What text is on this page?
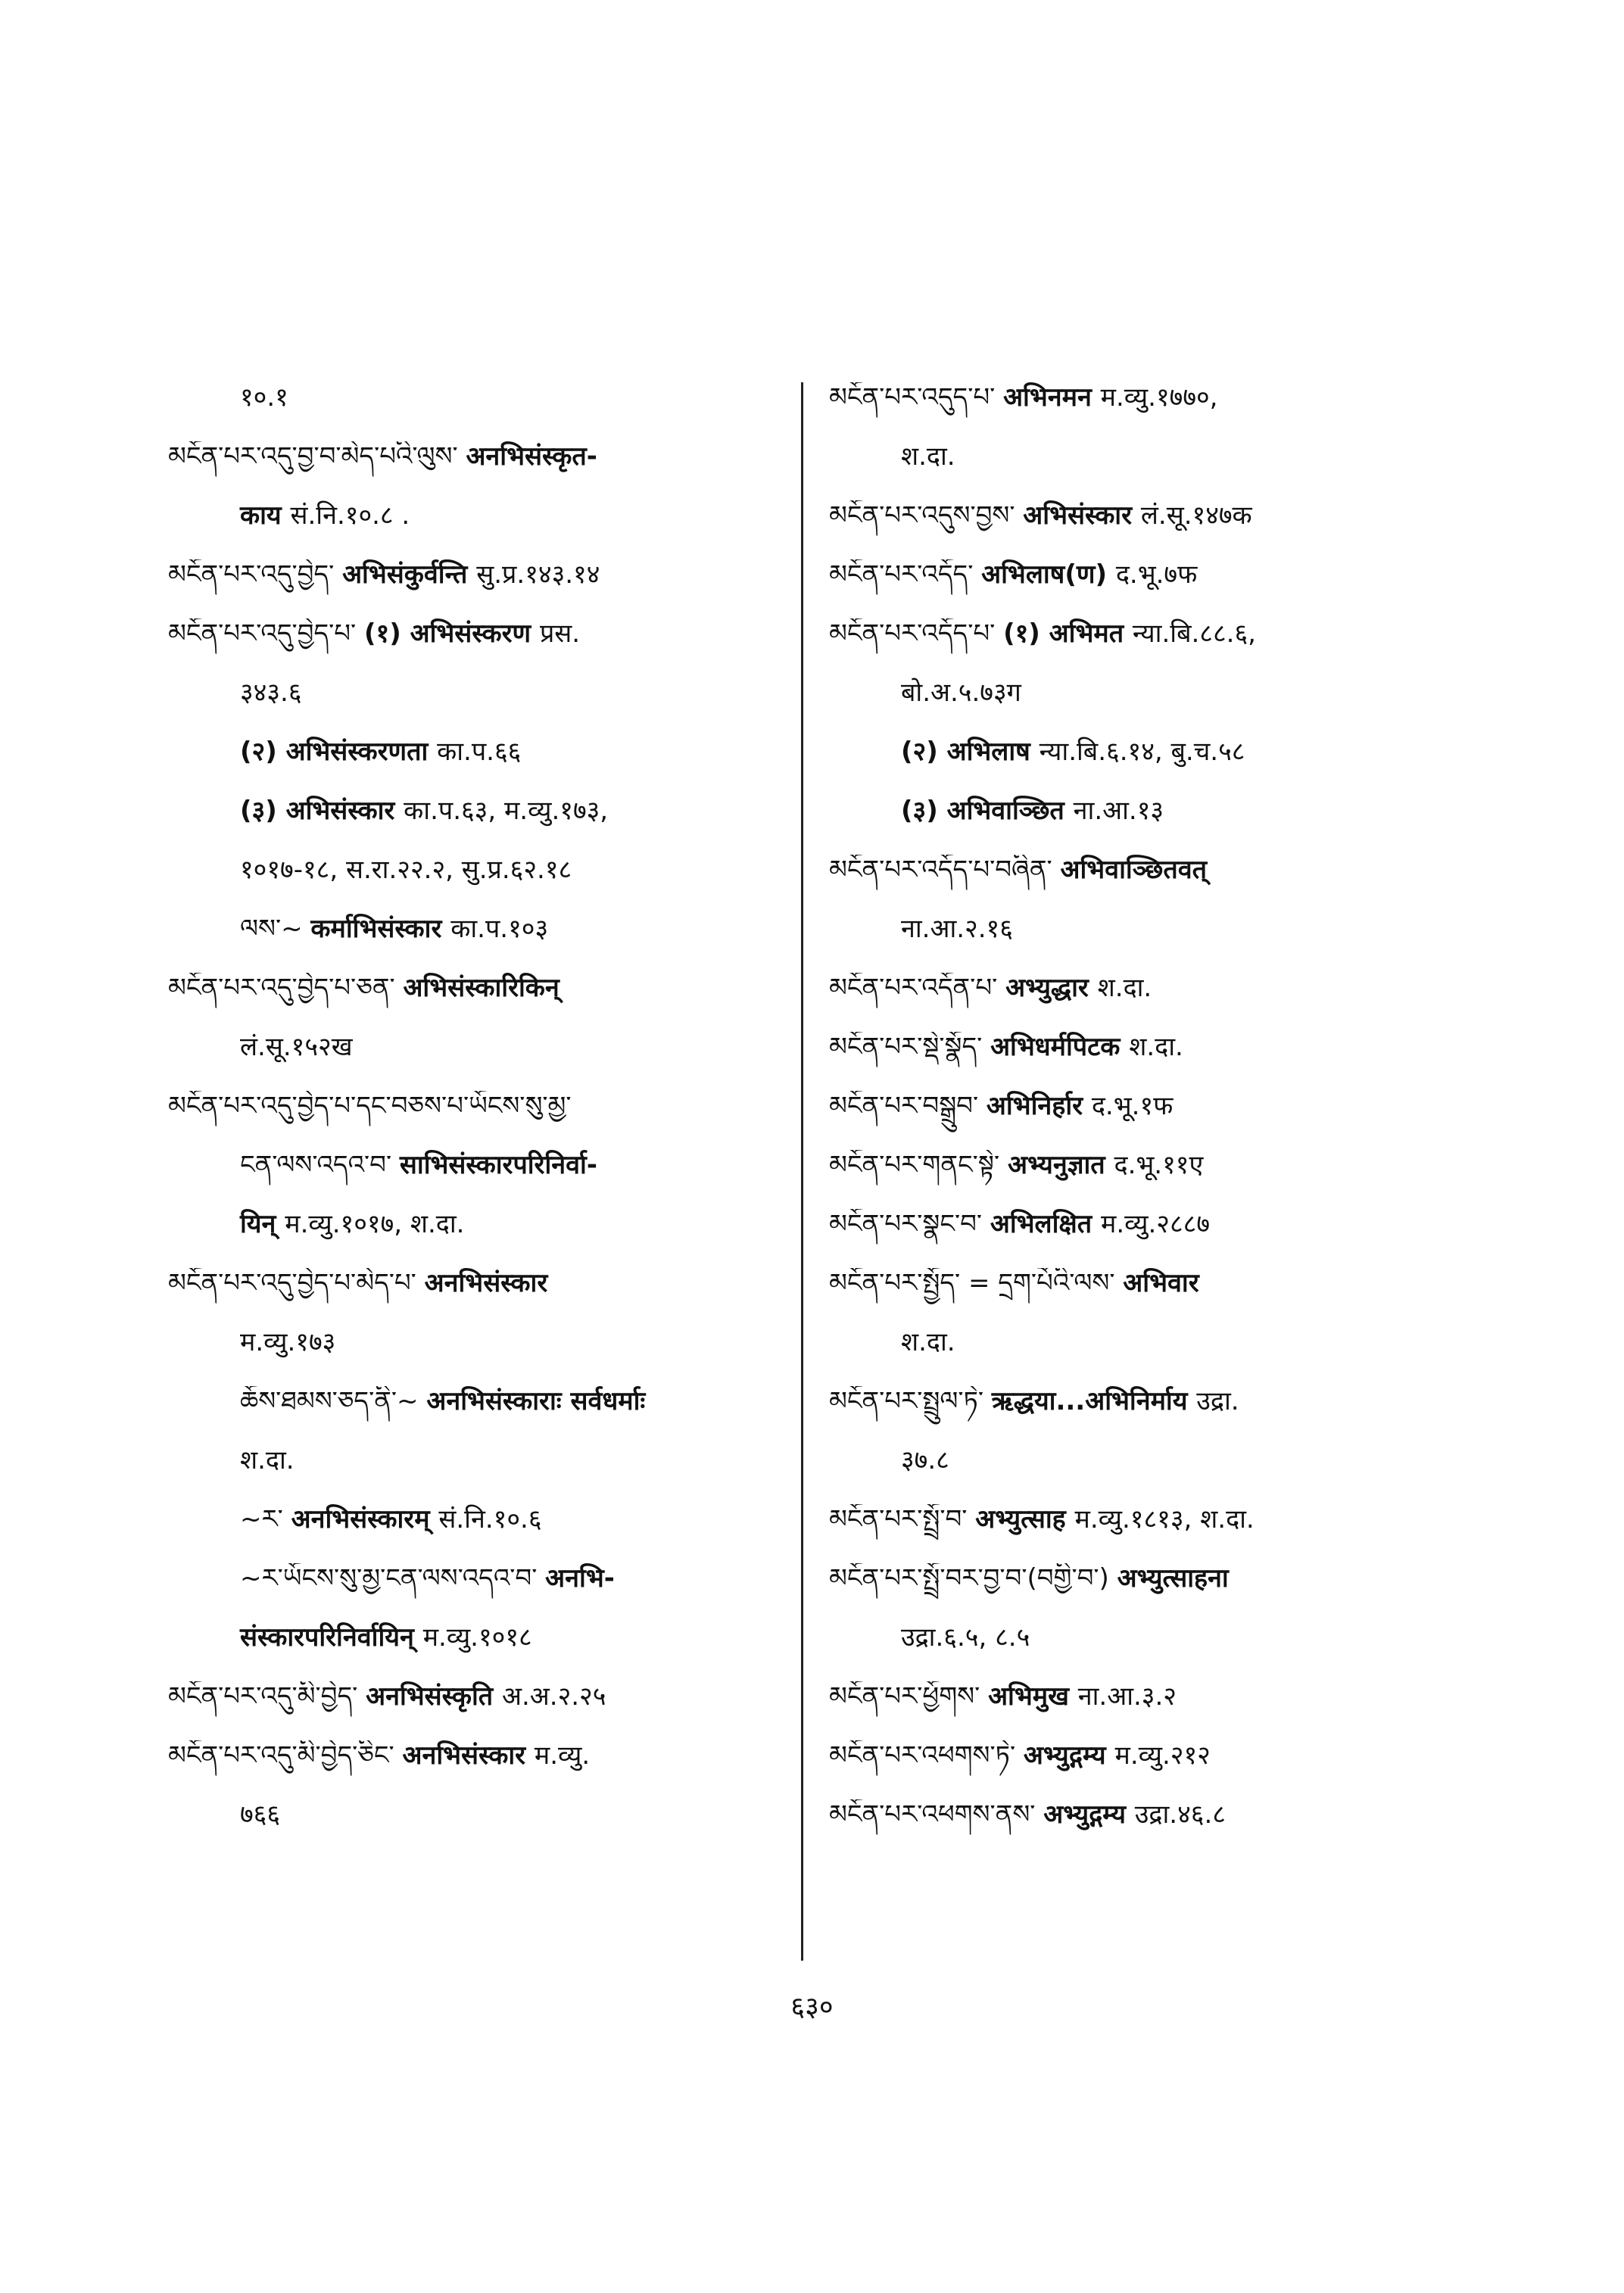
१०.१
མངོན་པར་འདུ་བྱ་བ་མེད་པའི་ལུས་ अनभिसंस्कृत-
काय सं.नि.१०.८ .
མངོན་པར་འདུ་བྱེད་ अभिसंकुर्वन्ति सु.प्र.१४३.१४
མངོན་པར་འདུ་བྱེད་པ་ (१) अभिसंस्करण प्रस.
३४३.६
(२) अभिसंस्करणता का.प.६६
(३) अभिसंस्कार का.प.६३, म.व्यु.१७३,
१०१७-१८, स.रा.२२.२, सु.प्र.६२.१८
ལས་~ कर्माभिसंस्कार का.प.१०३
མངོན་པར་འདུ་བྱེད་པ་ཅན་ अभिसंस्कारिकिन्
लं.सू.१५२ख
མངོན་པར་འདུ་བྱེད་པ་དང་བཅས་པ་ཡོངས་སུ་མྱ་
ངན་ལས་འདའ་བ་ साभिसंस्कारपरिनिर्वा-
यिन् म.व्यु.१०१७, श.दा.
མངོན་པར་འདུ་བྱེད་པ་མེད་པ་ अनभिसंस्कार
म.व्यु.१७३
ཆོས་ཐམས་ཅད་ནི་~ अनभिसंस्काराः सर्वधर्माः
श.दा.
~ར་ अनभिसंस्कारम् सं.नि.१०.६
~ར་ཡོངས་སུ་མྱ་ངན་ལས་འདའ་བ་ अनभि-
संस्कारपरिनिर्वायिन् म.व्यु.१०१८
མངོན་པར་འདུ་མི་བྱེད་ अनभिसंस्कृति अ.अ.२.२५
མངོན་པར་འདུ་མི་བྱེད་ཅིང་ अनभिसंस्कार म.व्यु.
७६६
མངོན་པར་འདུད་པ་ अभिनमन म.व्यु.१७७०,
श.दा.
མངོན་པར་འདུས་བྱས་ अभिसंस्कार लं.सू.१४७क
མངོན་པར་འདོད་ अभिलाष(ण) द.भू.७फ
མངོན་པར་འདོད་པ་ (१) अभिमत न्या.बि.८८.६,
बो.अ.५.७३ग
(२) अभिलाष न्या.बि.६.१४, बु.च.५८
(३) अभिवाञ्छित ना.आ.१३
མངོན་པར་འདོད་པ་བཞིན་ अभिवाञ्छितवत्
ना.आ.२.१६
མངོན་པར་འདོན་པ་ अभ्युद्धार श.दा.
མངོན་པར་སྡེ་སྣོད་ अभिधर्मपिटक श.दा.
མངོན་པར་བསྒྲུབ་ अभिनिर्हार द.भू.१फ
མངོན་པར་གནང་སྟེ་ अभ्यनुज्ञात द.भू.११ए
མངོན་པར་སྣང་བ་ अभिलक्षित म.व्यु.२८८७
མངོན་པར་སྤྱོད་ = དྲག་པོའི་ལས་ अभिवार
श.दा.
མངོན་པར་སྤྲུལ་ཏེ་ ऋद्धया...अभिनिर्माय उद्रा.
३७.८
མངོན་པར་སྤྲོ་བ་ अभ्युत्साह म.व्यु.१८१३, श.दा.
མངོན་པར་སྤྲོ་བར་བྱ་བ་(བགྱི་བ་) अभ्युत्साहना
उद्रा.६.५, ८.५
མངོན་པར་ཕྱོགས་ अभिमुख ना.आ.३.२
མངོན་པར་འཕགས་ཏེ་ अभ्युद्गम्य म.व्यु.२१२
མངོན་པར་འཕགས་ནས་ अभ्युद्गम्य उद्रा.४६.८
६३०
